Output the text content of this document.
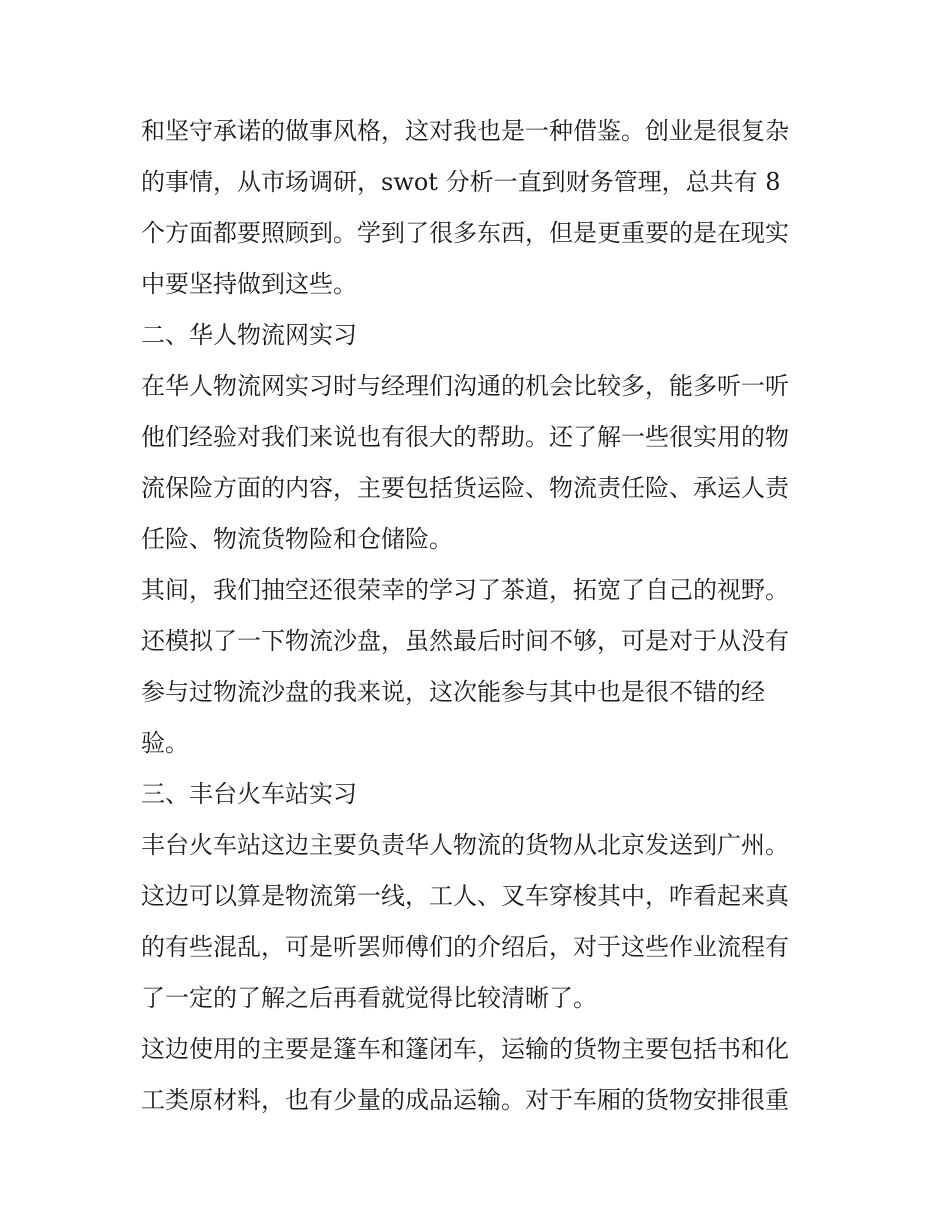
和坚守承诺的做事风格，这对我也是一种借鉴。创业是很复杂
的事情，从市场调研，swot 分析一直到财务管理，总共有 8
个方面都要照顾到。学到了很多东西，但是更重要的是在现实
中要坚持做到这些。
二、华人物流网实习
在华人物流网实习时与经理们沟通的机会比较多，能多听一听
他们经验对我们来说也有很大的帮助。还了解一些很实用的物
流保险方面的内容，主要包括货运险、物流责任险、承运人责
任险、物流货物险和仓储险。
其间，我们抽空还很荣幸的学习了茶道，拓宽了自己的视野。
还模拟了一下物流沙盘，虽然最后时间不够，可是对于从没有
参与过物流沙盘的我来说，这次能参与其中也是很不错的经
验。
三、丰台火车站实习
丰台火车站这边主要负责华人物流的货物从北京发送到广州。
这边可以算是物流第一线，工人、叉车穿梭其中，咋看起来真
的有些混乱，可是听罢师傅们的介绍后，对于这些作业流程有
了一定的了解之后再看就觉得比较清晰了。
这边使用的主要是篷车和篷闭车，运输的货物主要包括书和化
工类原材料，也有少量的成品运输。对于车厢的货物安排很重
